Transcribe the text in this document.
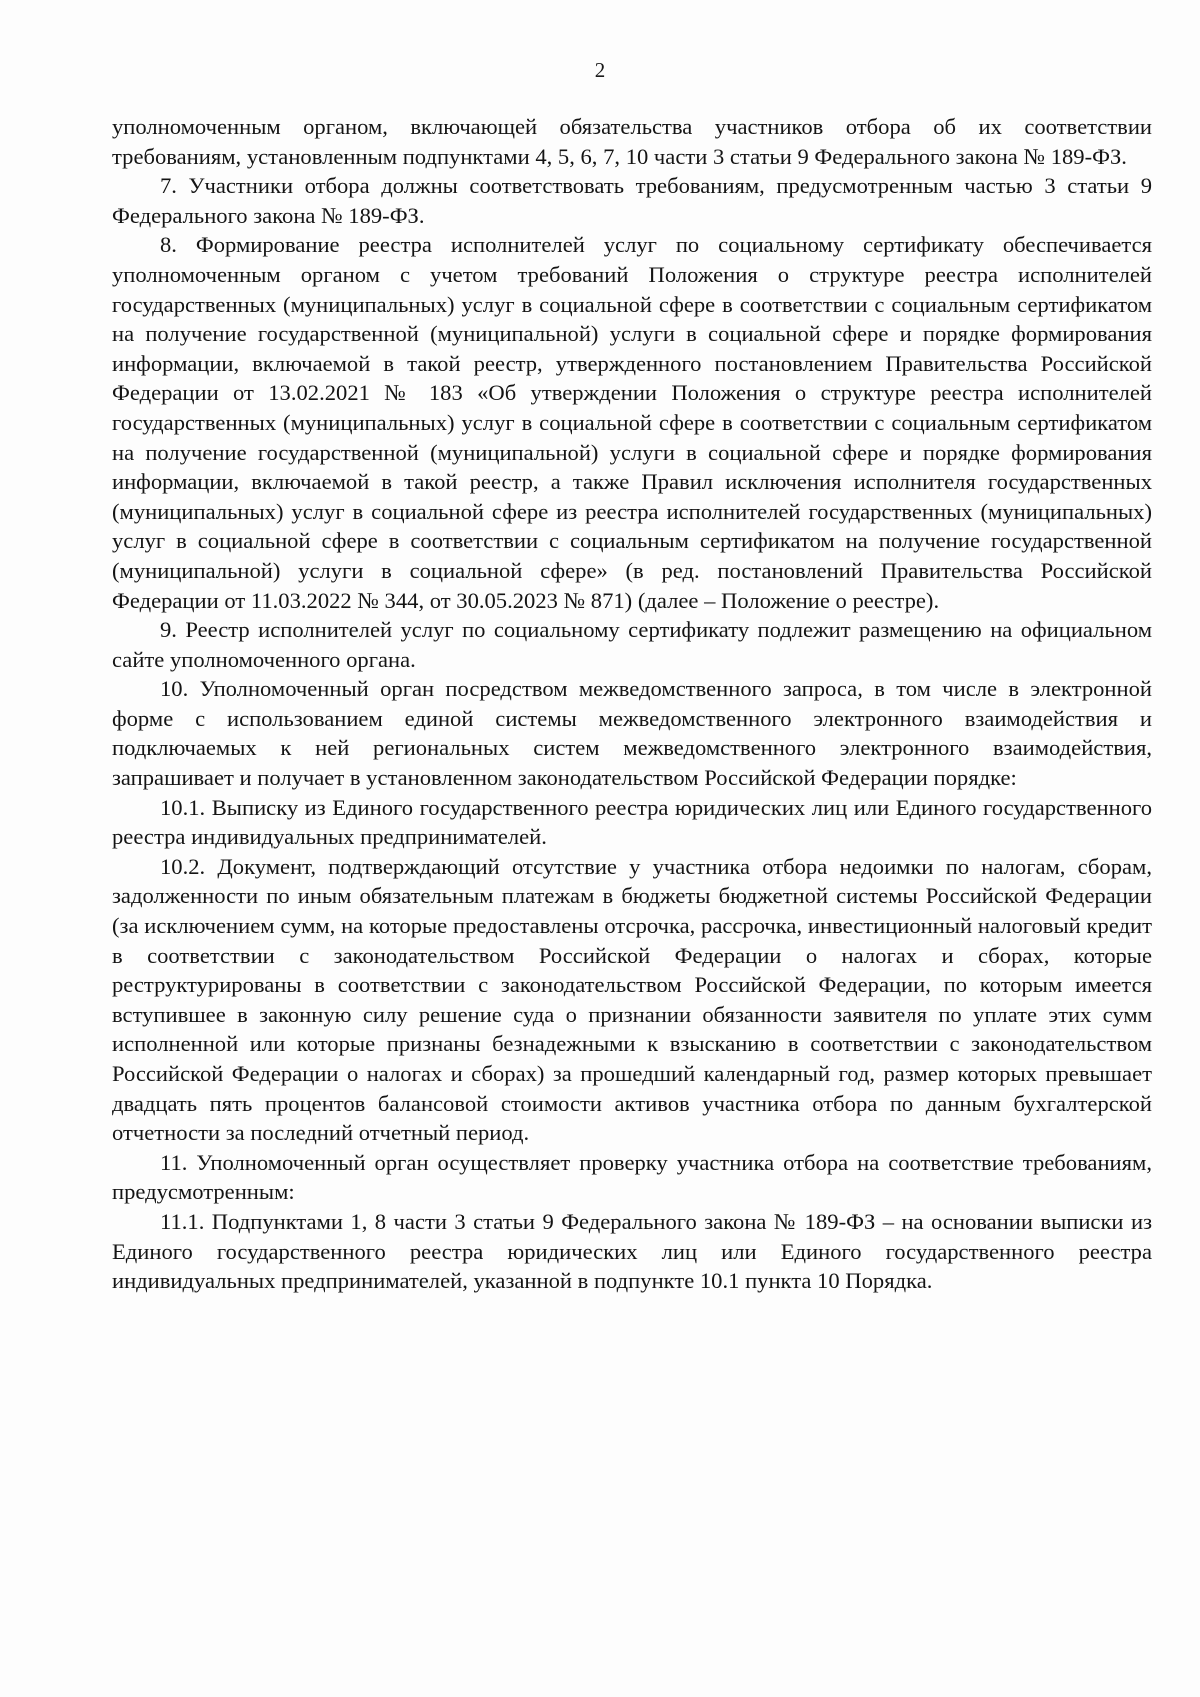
2

уполномоченным органом, включающей обязательства участников отбора об их соответствии требованиям, установленным подпунктами 4, 5, 6, 7, 10 части 3 статьи 9 Федерального закона № 189-ФЗ.

7. Участники отбора должны соответствовать требованиям, предусмотренным частью 3 статьи 9 Федерального закона № 189-ФЗ.

8. Формирование реестра исполнителей услуг по социальному сертификату обеспечивается уполномоченным органом с учетом требований Положения о структуре реестра исполнителей государственных (муниципальных) услуг в социальной сфере в соответствии с социальным сертификатом на получение государственной (муниципальной) услуги в социальной сфере и порядке формирования информации, включаемой в такой реестр, утвержденного постановлением Правительства Российской Федерации от 13.02.2021 № 183 «Об утверждении Положения о структуре реестра исполнителей государственных (муниципальных) услуг в социальной сфере в соответствии с социальным сертификатом на получение государственной (муниципальной) услуги в социальной сфере и порядке формирования информации, включаемой в такой реестр, а также Правил исключения исполнителя государственных (муниципальных) услуг в социальной сфере из реестра исполнителей государственных (муниципальных) услуг в социальной сфере в соответствии с социальным сертификатом на получение государственной (муниципальной) услуги в социальной сфере» (в ред. постановлений Правительства Российской Федерации от 11.03.2022 № 344, от 30.05.2023 № 871) (далее – Положение о реестре).

9. Реестр исполнителей услуг по социальному сертификату подлежит размещению на официальном сайте уполномоченного органа.

10. Уполномоченный орган посредством межведомственного запроса, в том числе в электронной форме с использованием единой системы межведомственного электронного взаимодействия и подключаемых к ней региональных систем межведомственного электронного взаимодействия, запрашивает и получает в установленном законодательством Российской Федерации порядке:

10.1. Выписку из Единого государственного реестра юридических лиц или Единого государственного реестра индивидуальных предпринимателей.

10.2. Документ, подтверждающий отсутствие у участника отбора недоимки по налогам, сборам, задолженности по иным обязательным платежам в бюджеты бюджетной системы Российской Федерации (за исключением сумм, на которые предоставлены отсрочка, рассрочка, инвестиционный налоговый кредит в соответствии с законодательством Российской Федерации о налогах и сборах, которые реструктурированы в соответствии с законодательством Российской Федерации, по которым имеется вступившее в законную силу решение суда о признании обязанности заявителя по уплате этих сумм исполненной или которые признаны безнадежными к взысканию в соответствии с законодательством Российской Федерации о налогах и сборах) за прошедший календарный год, размер которых превышает двадцать пять процентов балансовой стоимости активов участника отбора по данным бухгалтерской отчетности за последний отчетный период.

11. Уполномоченный орган осуществляет проверку участника отбора на соответствие требованиям, предусмотренным:

11.1. Подпунктами 1, 8 части 3 статьи 9 Федерального закона № 189-ФЗ – на основании выписки из Единого государственного реестра юридических лиц или Единого государственного реестра индивидуальных предпринимателей, указанной в подпункте 10.1 пункта 10 Порядка.
